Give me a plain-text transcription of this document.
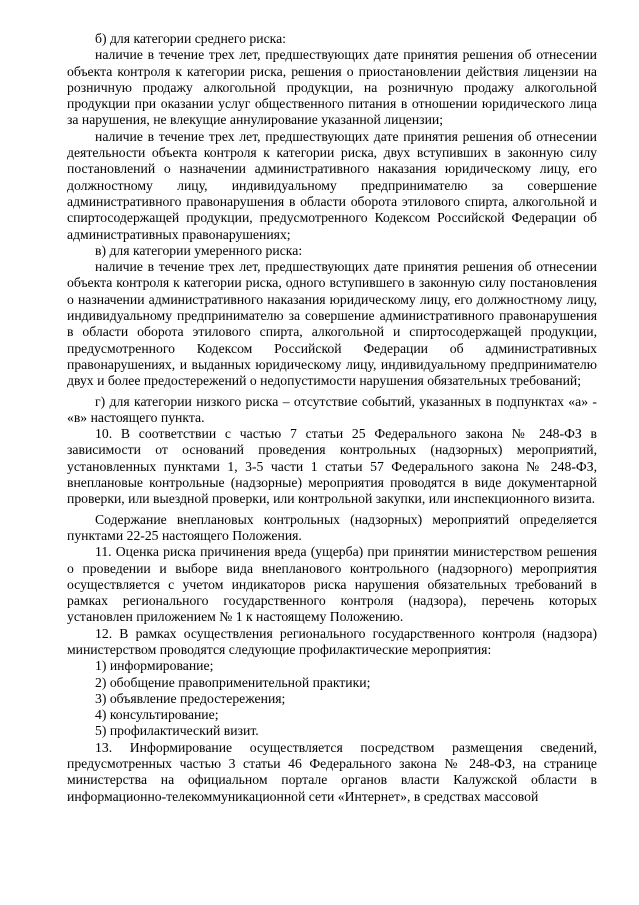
б) для категории среднего риска:

наличие в течение трех лет, предшествующих дате принятия решения об отнесении объекта контроля к категории риска, решения о приостановлении действия лицензии на розничную продажу алкогольной продукции, на розничную продажу алкогольной продукции при оказании услуг общественного питания в отношении юридического лица за нарушения, не влекущие аннулирование указанной лицензии;

наличие в течение трех лет, предшествующих дате принятия решения об отнесении деятельности объекта контроля к категории риска, двух вступивших в законную силу постановлений о назначении административного наказания юридическому лицу, его должностному лицу, индивидуальному предпринимателю за совершение административного правонарушения в области оборота этилового спирта, алкогольной и спиртосодержащей продукции, предусмотренного Кодексом Российской Федерации об административных правонарушениях;

в) для категории умеренного риска:

наличие в течение трех лет, предшествующих дате принятия решения об отнесении объекта контроля к категории риска, одного вступившего в законную силу постановления о назначении административного наказания юридическому лицу, его должностному лицу, индивидуальному предпринимателю за совершение административного правонарушения в области оборота этилового спирта, алкогольной и спиртосодержащей продукции, предусмотренного Кодексом Российской Федерации об административных правонарушениях, и выданных юридическому лицу, индивидуальному предпринимателю двух и более предостережений о недопустимости нарушения обязательных требований;

г) для категории низкого риска – отсутствие событий, указанных в подпунктах «а» - «в» настоящего пункта.

10. В соответствии с частью 7 статьи 25 Федерального закона № 248-ФЗ в зависимости от оснований проведения контрольных (надзорных) мероприятий, установленных пунктами 1, 3-5 части 1 статьи 57 Федерального закона № 248-ФЗ, внеплановые контрольные (надзорные) мероприятия проводятся в виде документарной проверки, или выездной проверки, или контрольной закупки, или инспекционного визита.

Содержание внеплановых контрольных (надзорных) мероприятий определяется пунктами 22-25 настоящего Положения.

11. Оценка риска причинения вреда (ущерба) при принятии министерством решения о проведении и выборе вида внепланового контрольного (надзорного) мероприятия осуществляется с учетом индикаторов риска нарушения обязательных требований в рамках регионального государственного контроля (надзора), перечень которых установлен приложением № 1 к настоящему Положению.

12. В рамках осуществления регионального государственного контроля (надзора) министерством проводятся следующие профилактические мероприятия:

1) информирование;

2) обобщение правоприменительной практики;

3) объявление предостережения;

4) консультирование;

5) профилактический визит.

13. Информирование осуществляется посредством размещения сведений, предусмотренных частью 3 статьи 46 Федерального закона № 248-ФЗ, на странице министерства на официальном портале органов власти Калужской области в информационно-телекоммуникационной сети «Интернет», в средствах массовой
